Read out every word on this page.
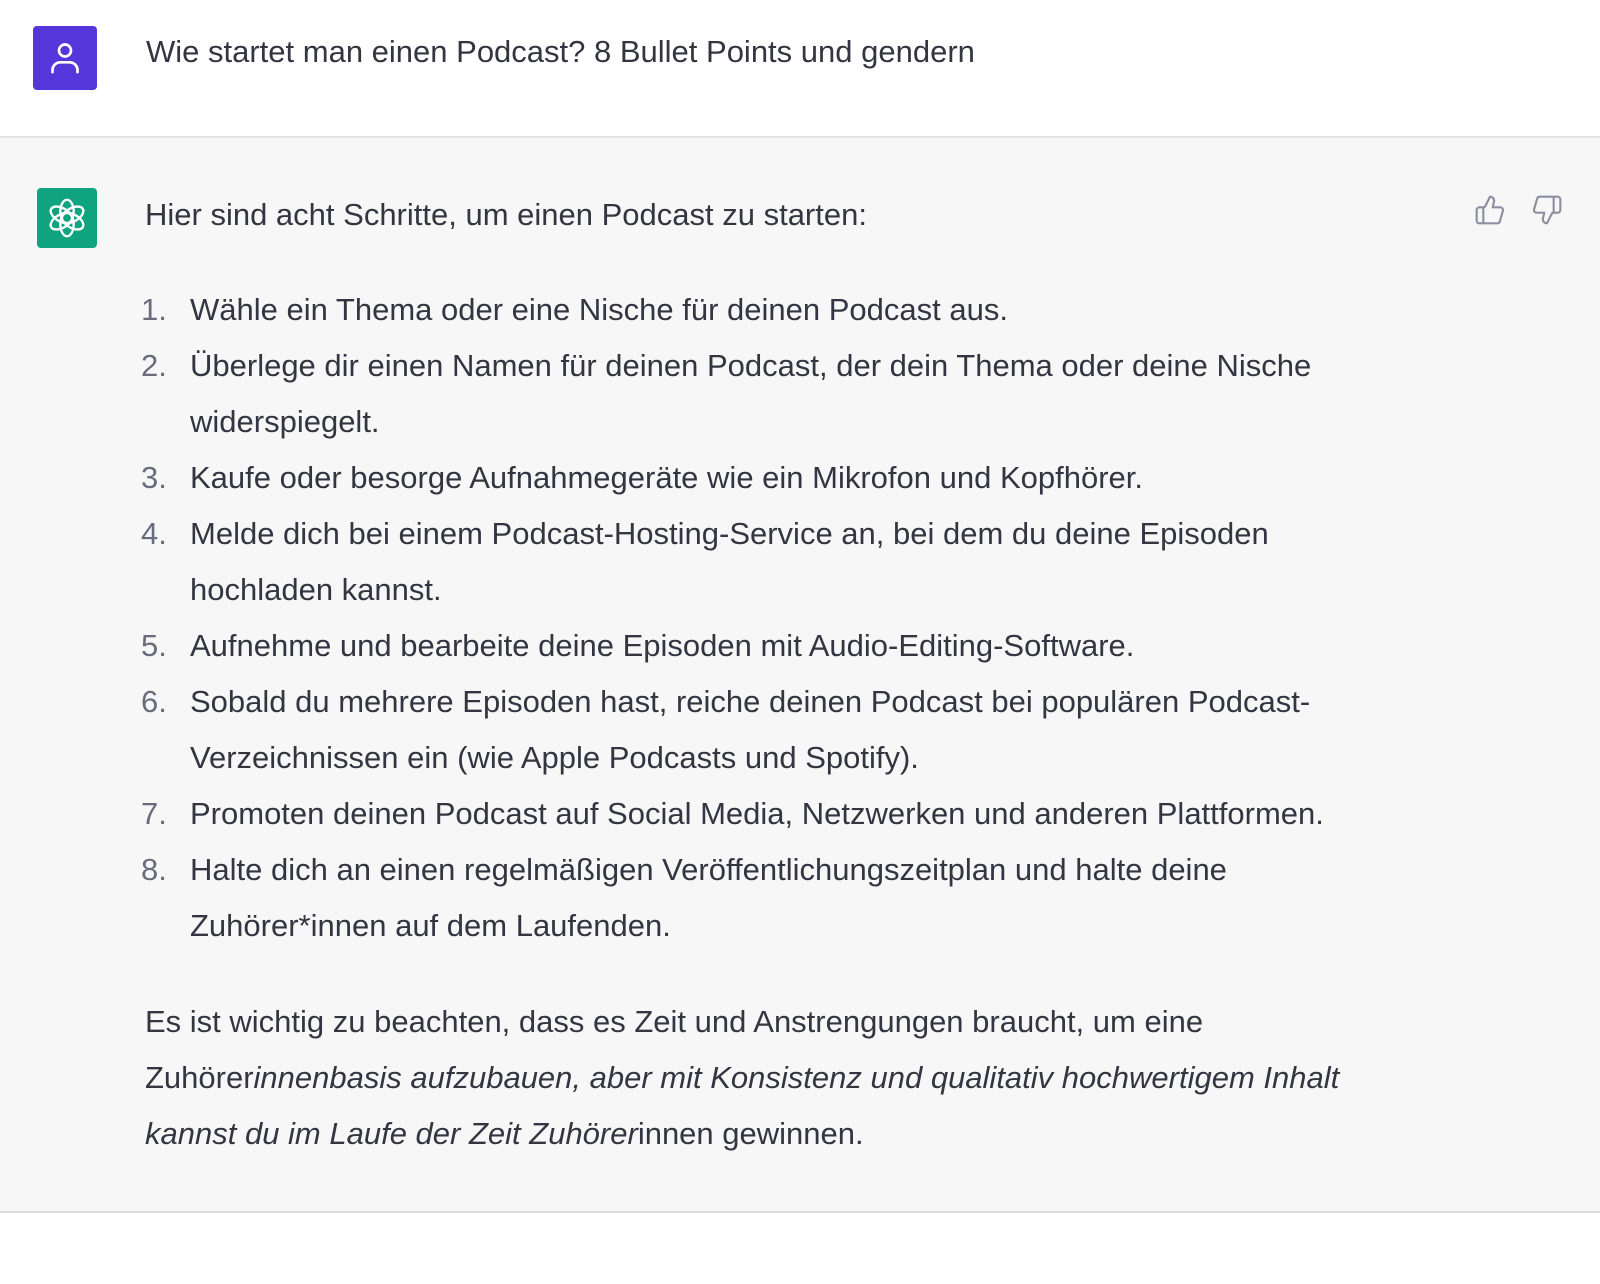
Wie startet man einen Podcast? 8 Bullet Points und gendern

Hier sind acht Schritte, um einen Podcast zu starten:

1. Wähle ein Thema oder eine Nische für deinen Podcast aus.
2. Überlege dir einen Namen für deinen Podcast, der dein Thema oder deine Nische widerspiegelt.
3. Kaufe oder besorge Aufnahmegeräte wie ein Mikrofon und Kopfhörer.
4. Melde dich bei einem Podcast-Hosting-Service an, bei dem du deine Episoden hochladen kannst.
5. Aufnehme und bearbeite deine Episoden mit Audio-Editing-Software.
6. Sobald du mehrere Episoden hast, reiche deinen Podcast bei populären Podcast-Verzeichnissen ein (wie Apple Podcasts und Spotify).
7. Promoten deinen Podcast auf Social Media, Netzwerken und anderen Plattformen.
8. Halte dich an einen regelmäßigen Veröffentlichungszeitplan und halte deine Zuhörer*innen auf dem Laufenden.

Es ist wichtig zu beachten, dass es Zeit und Anstrengungen braucht, um eine Zuhörerinnenbasis aufzubauen, aber mit Konsistenz und qualitativ hochwertigem Inhalt kannst du im Laufe der Zeit Zuhörerinnen gewinnen.
